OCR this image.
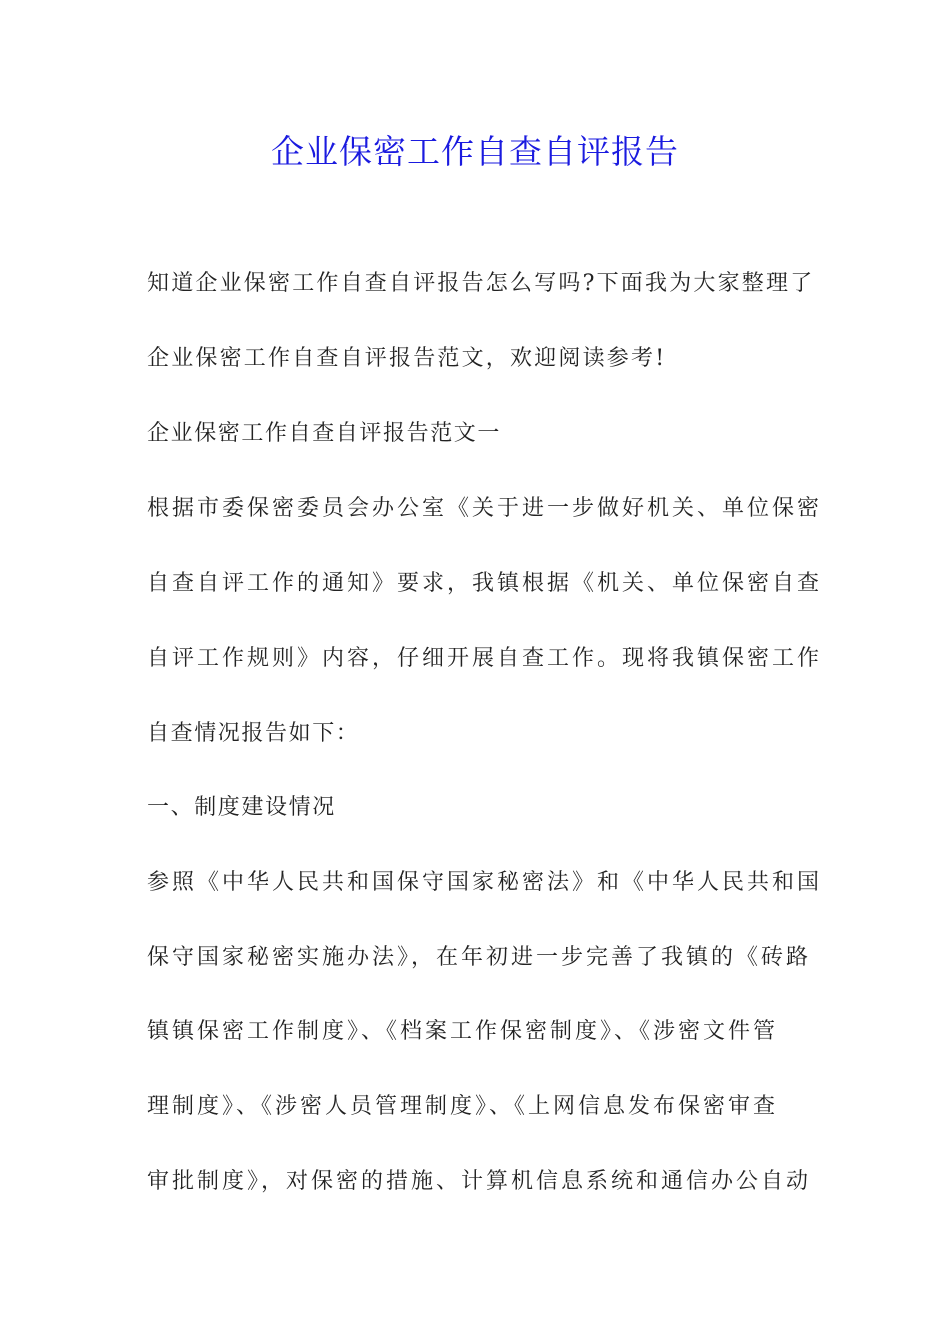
企业保密工作自查自评报告
知道企业保密工作自查自评报告怎么写吗?下面我为大家整理了
企业保密工作自查自评报告范文，欢迎阅读参考!
企业保密工作自查自评报告范文一
根据市委保密委员会办公室《关于进一步做好机关、单位保密
自查自评工作的通知》要求，我镇根据《机关、单位保密自查
自评工作规则》内容，仔细开展自查工作。现将我镇保密工作
自查情况报告如下：
一、制度建设情况
参照《中华人民共和国保守国家秘密法》和《中华人民共和国
保守国家秘密实施办法》，在年初进一步完善了我镇的《砖路
镇镇保密工作制度》、《档案工作保密制度》、《涉密文件管
理制度》、《涉密人员管理制度》、《上网信息发布保密审查
审批制度》，对保密的措施、计算机信息系统和通信办公自动
